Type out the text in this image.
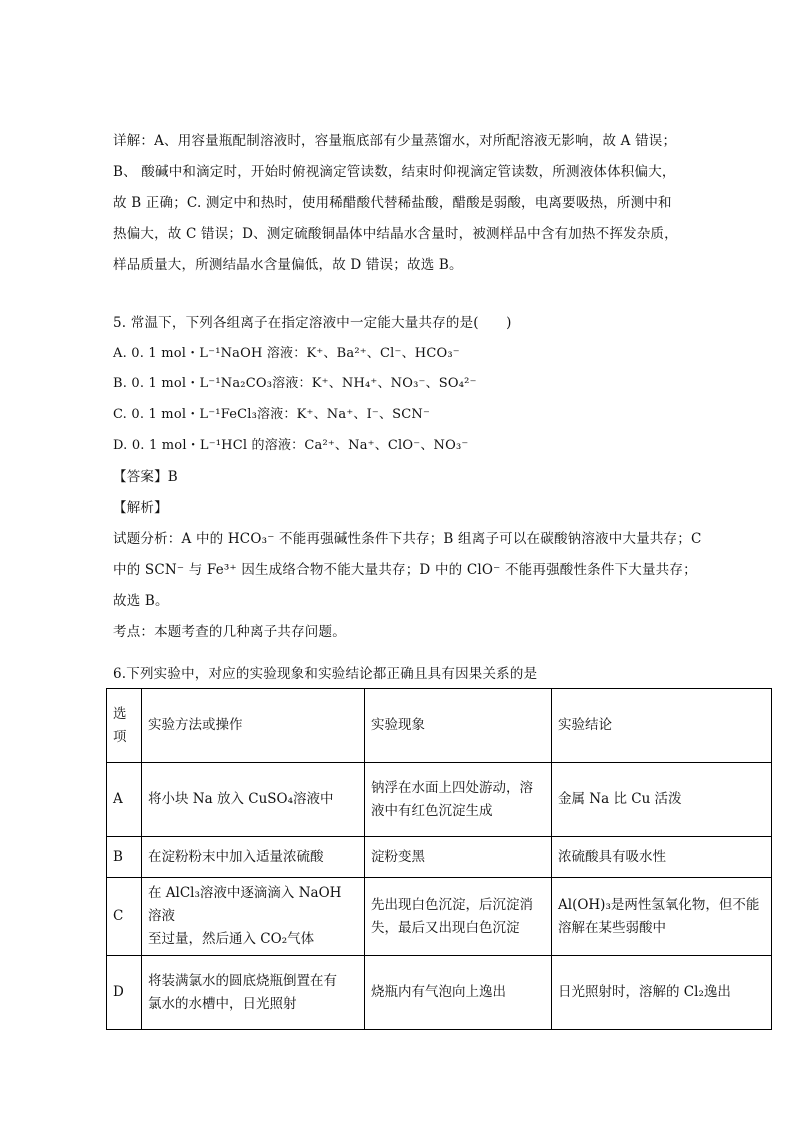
详解：A、用容量瓶配制溶液时，容量瓶底部有少量蒸馏水，对所配溶液无影响，故 A 错误；
B、 酸碱中和滴定时，开始时俯视滴定管读数，结束时仰视滴定管读数，所测液体体积偏大，
故 B 正确；C. 测定中和热时，使用稀醋酸代替稀盐酸，醋酸是弱酸，电离要吸热，所测中和
热偏大，故 C 错误；D、测定硫酸铜晶体中结晶水含量时，被测样品中含有加热不挥发杂质，
样品质量大，所测结晶水含量偏低，故 D 错误；故选 B。
5. 常温下，下列各组离子在指定溶液中一定能大量共存的是(　　)
A. 0. 1 mol・L⁻¹NaOH 溶液：K⁺、Ba²⁺、Cl⁻、HCO₃⁻
B. 0. 1 mol・L⁻¹Na₂CO₃溶液：K⁺、NH₄⁺、NO₃⁻、SO₄²⁻
C. 0. 1 mol・L⁻¹FeCl₃溶液：K⁺、Na⁺、I⁻、SCN⁻
D. 0. 1 mol・L⁻¹HCl 的溶液：Ca²⁺、Na⁺、ClO⁻、NO₃⁻
【答案】B
【解析】
试题分析：A 中的 HCO₃⁻ 不能再强碱性条件下共存；B 组离子可以在碳酸钠溶液中大量共存；C
中的 SCN⁻ 与 Fe³⁺ 因生成络合物不能大量共存；D 中的 ClO⁻ 不能再强酸性条件下大量共存；
故选 B。
考点：本题考查的几种离子共存问题。
6.下列实验中，对应的实验现象和实验结论都正确且具有因果关系的是
选
项	实验方法或操作	实验现象	实验结论
A	将小块 Na 放入 CuSO₄溶液中	钠浮在水面上四处游动，溶
液中有红色沉淀生成	金属 Na 比 Cu 活泼
B	在淀粉粉末中加入适量浓硫酸	淀粉变黑	浓硫酸具有吸水性
C	在 AlCl₃溶液中逐滴滴入 NaOH 溶液
至过量，然后通入 CO₂气体	先出现白色沉淀，后沉淀消
失，最后又出现白色沉淀	Al(OH)₃是两性氢氧化物，但不能
溶解在某些弱酸中
D	将装满氯水的圆底烧瓶倒置在有
氯水的水槽中，日光照射	烧瓶内有气泡向上逸出	日光照射时，溶解的 Cl₂逸出
